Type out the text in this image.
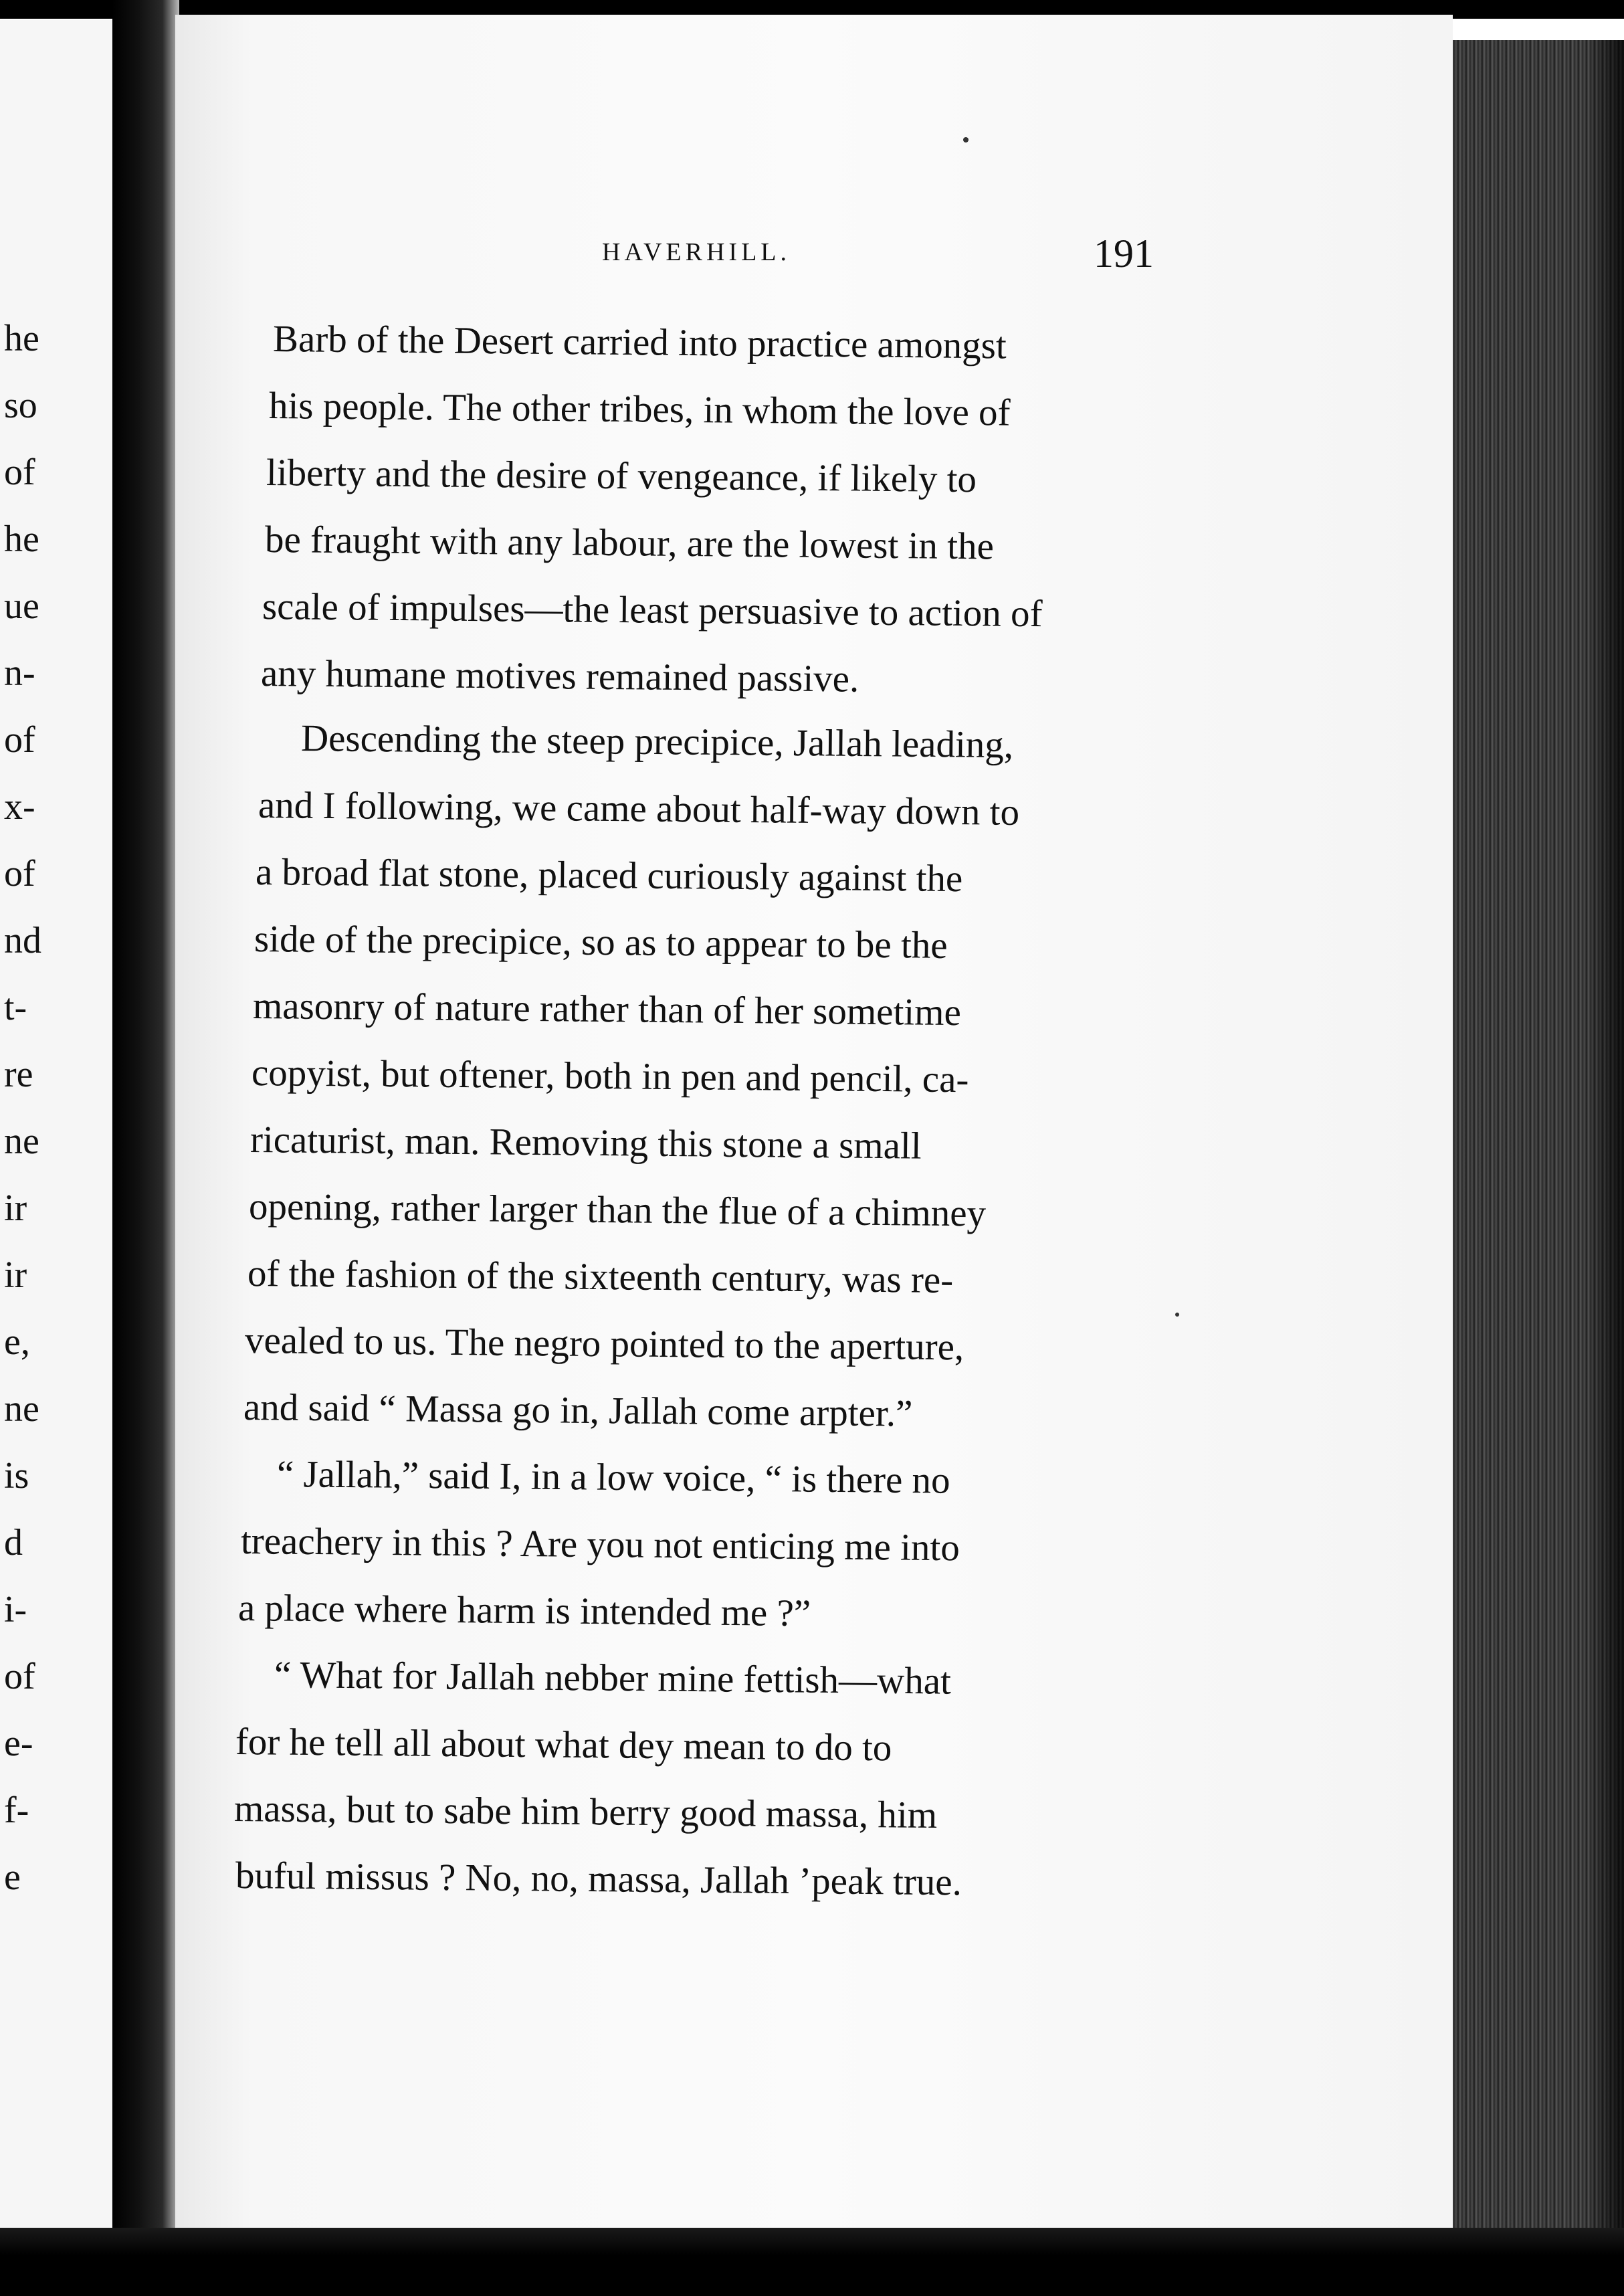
he
so
of
he
ue
n-
of
x-
of
nd
t-
re
ne
ir
ir
e,
ne
is
d
i-
of
e-
f-
e
HAVERHILL.	191
Barb of the Desert carried into practice amongst
his people. The other tribes, in whom the love of
liberty and the desire of vengeance, if likely to
be fraught with any labour, are the lowest in the
scale of impulses—the least persuasive to action of
any humane motives remained passive.
Descending the steep precipice, Jallah leading,
and I following, we came about half-way down to
a broad flat stone, placed curiously against the
side of the precipice, so as to appear to be the
masonry of nature rather than of her sometime
copyist, but oftener, both in pen and pencil, ca-
ricaturist, man. Removing this stone a small
opening, rather larger than the flue of a chimney
of the fashion of the sixteenth century, was re-
vealed to us. The negro pointed to the aperture,
and said “ Massa go in, Jallah come arpter.”
“ Jallah,” said I, in a low voice, “ is there no
treachery in this ? Are you not enticing me into
a place where harm is intended me ?”
“ What for Jallah nebber mine fettish—what
for he tell all about what dey mean to do to
massa, but to sabe him berry good massa, him
buful missus ? No, no, massa, Jallah ’peak true.
